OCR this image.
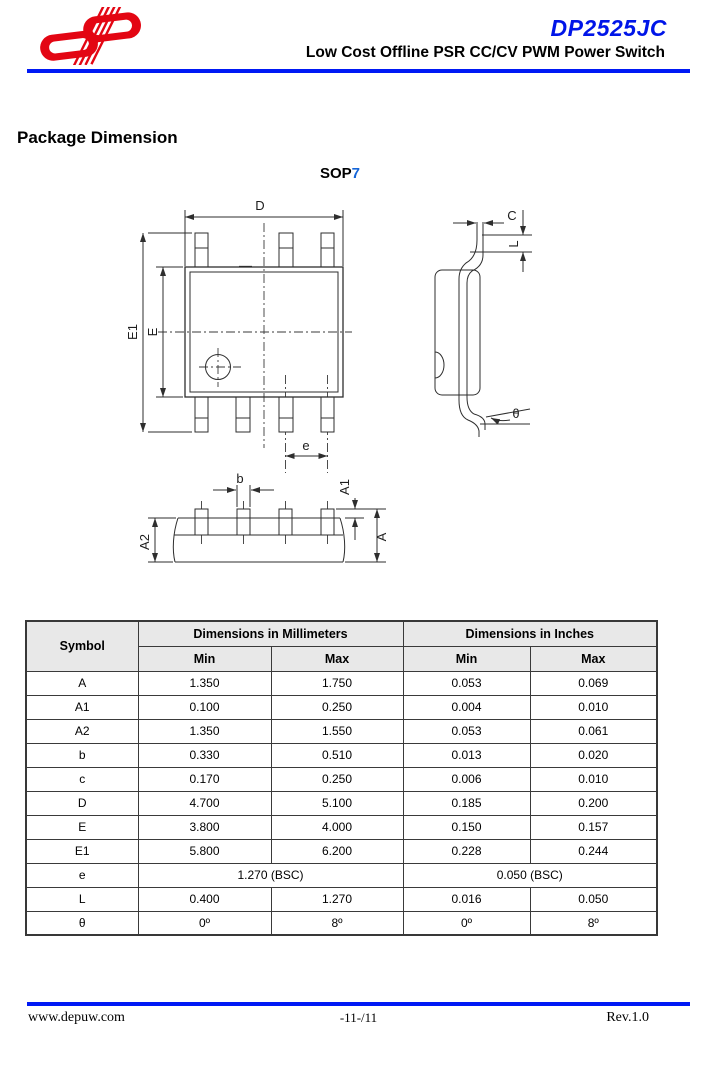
DP2525JC
Low Cost Offline PSR CC/CV PWM Power Switch
Package Dimension
SOP7
D
E1 E
e
C
L
θ
b
A1
A
A2
Symbol	Dimensions in Millimeters		Dimensions in Inches	
	Min	Max	Min	Max
A	1.350	1.750	0.053	0.069
A1	0.100	0.250	0.004	0.010
A2	1.350	1.550	0.053	0.061
b	0.330	0.510	0.013	0.020
c	0.170	0.250	0.006	0.010
D	4.700	5.100	0.185	0.200
E	3.800	4.000	0.150	0.157
E1	5.800	6.200	0.228	0.244
e	1.270 (BSC)		0.050 (BSC)	
L	0.400	1.270	0.016	0.050
θ	0º	8º	0º	8º
www.depuw.com	-11-/11	Rev.1.0
